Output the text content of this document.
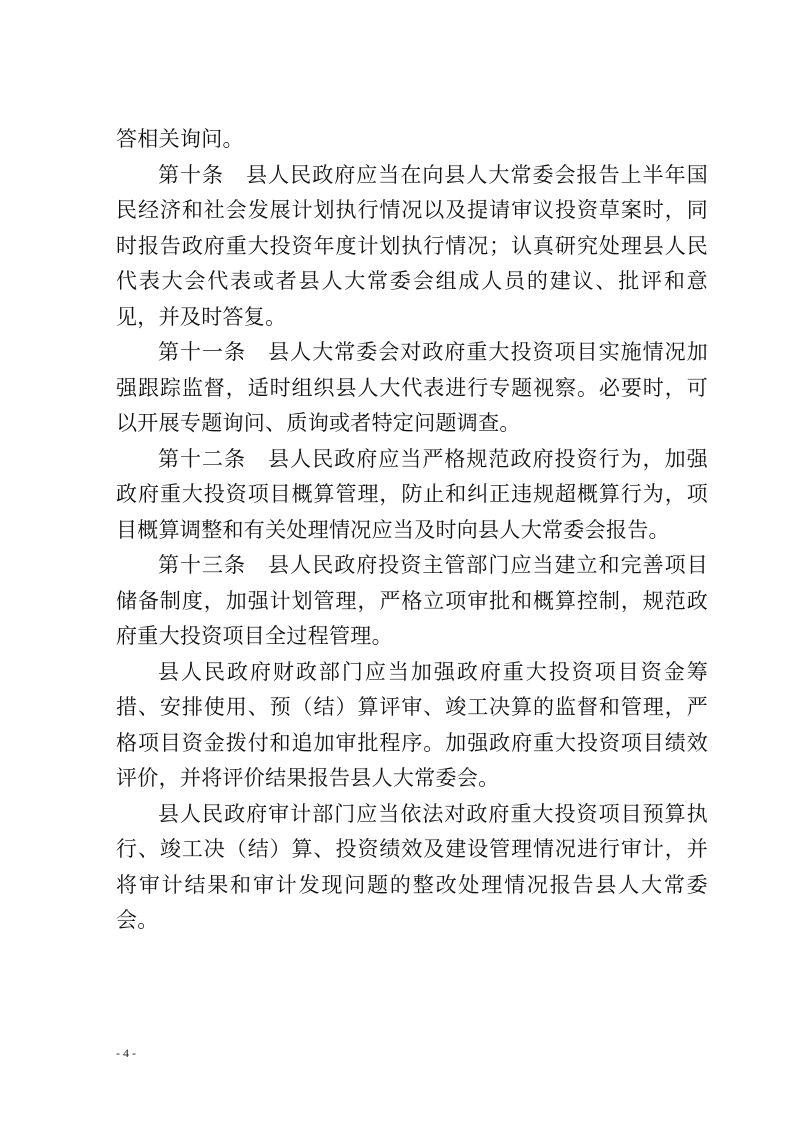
答相关询问。

第十条　县人民政府应当在向县人大常委会报告上半年国民经济和社会发展计划执行情况以及提请审议投资草案时，同时报告政府重大投资年度计划执行情况；认真研究处理县人民代表大会代表或者县人大常委会组成人员的建议、批评和意见，并及时答复。

第十一条　县人大常委会对政府重大投资项目实施情况加强跟踪监督，适时组织县人大代表进行专题视察。必要时，可以开展专题询问、质询或者特定问题调查。

第十二条　县人民政府应当严格规范政府投资行为，加强政府重大投资项目概算管理，防止和纠正违规超概算行为，项目概算调整和有关处理情况应当及时向县人大常委会报告。

第十三条　县人民政府投资主管部门应当建立和完善项目储备制度，加强计划管理，严格立项审批和概算控制，规范政府重大投资项目全过程管理。

县人民政府财政部门应当加强政府重大投资项目资金筹措、安排使用、预（结）算评审、竣工决算的监督和管理，严格项目资金拨付和追加审批程序。加强政府重大投资项目绩效评价，并将评价结果报告县人大常委会。

县人民政府审计部门应当依法对政府重大投资项目预算执行、竣工决（结）算、投资绩效及建设管理情况进行审计，并将审计结果和审计发现问题的整改处理情况报告县人大常委会。

- 4 -
